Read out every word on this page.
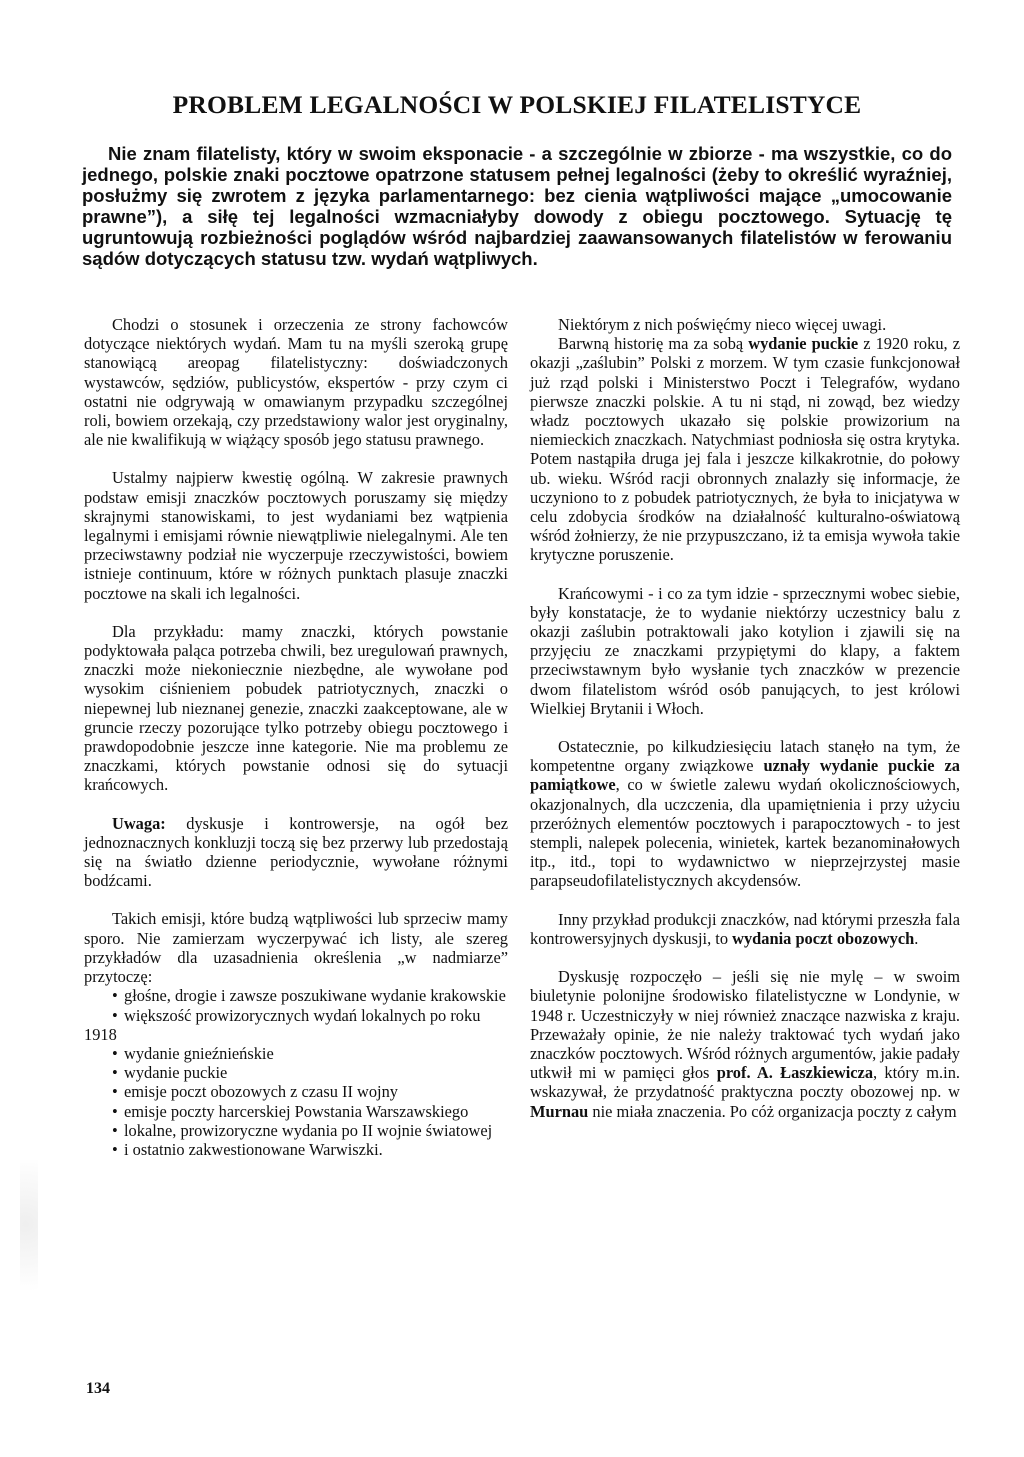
PROBLEM LEGALNOŚCI W POLSKIEJ FILATELISTYCE

Nie znam filatelisty, który w swoim eksponacie - a szczególnie w zbiorze - ma wszystkie, co do jednego, polskie znaki pocztowe opatrzone statusem pełnej legalności (żeby to określić wyraźniej, posłużmy się zwrotem z języka parlamentarnego: bez cienia wątpliwości mające „umocowanie prawne”), a siłę tej legalności wzmacniałyby dowody z obiegu pocztowego. Sytuację tę ugruntowują rozbieżności poglądów wśród najbardziej zaawansowanych filatelistów w ferowaniu sądów dotyczących statusu tzw. wydań wątpliwych.

Chodzi o stosunek i orzeczenia ze strony fachowców dotyczące niektórych wydań. Mam tu na myśli szeroką grupę stanowiącą areopag filatelistyczny: doświadczonych wystawców, sędziów, publicystów, ekspertów - przy czym ci ostatni nie odgrywają w omawianym przypadku szczególnej roli, bowiem orzekają, czy przedstawiony walor jest oryginalny, ale nie kwalifikują w wiążący sposób jego statusu prawnego.

Ustalmy najpierw kwestię ogólną. W zakresie prawnych podstaw emisji znaczków pocztowych poruszamy się między skrajnymi stanowiskami, to jest wydaniami bez wątpienia legalnymi i emisjami równie niewątpliwie nielegalnymi. Ale ten przeciwstawny podział nie wyczerpuje rzeczywistości, bowiem istnieje continuum, które w różnych punktach plasuje znaczki pocztowe na skali ich legalności.

Dla przykładu: mamy znaczki, których powstanie podyktowała paląca potrzeba chwili, bez uregulowań prawnych, znaczki może niekoniecznie niezbędne, ale wywołane pod wysokim ciśnieniem pobudek patriotycznych, znaczki o niepewnej lub nieznanej genezie, znaczki zaakceptowane, ale w gruncie rzeczy pozorujące tylko potrzeby obiegu pocztowego i prawdopodobnie jeszcze inne kategorie. Nie ma problemu ze znaczkami, których powstanie odnosi się do sytuacji krańcowych.

Uwaga: dyskusje i kontrowersje, na ogół bez jednoznacznych konkluzji toczą się bez przerwy lub przedostają się na światło dzienne periodycznie, wywołane różnymi bodźcami.

Takich emisji, które budzą wątpliwości lub sprzeciw mamy sporo. Nie zamierzam wyczerpywać ich listy, ale szereg przykładów dla uzasadnienia określenia „w nadmiarze” przytoczę:

• głośne, drogie i zawsze poszukiwane wydanie krakowskie
• większość prowizorycznych wydań lokalnych po roku 1918
• wydanie gnieźnieńskie
• wydanie puckie
• emisje poczt obozowych z czasu II wojny
• emisje poczty harcerskiej Powstania Warszawskiego
• lokalne, prowizoryczne wydania po II wojnie światowej
• i ostatnio zakwestionowane Warwiszki.

Niektórym z nich poświęćmy nieco więcej uwagi.

Barwną historię ma za sobą wydanie puckie z 1920 roku, z okazji „zaślubin” Polski z morzem. W tym czasie funkcjonował już rząd polski i Ministerstwo Poczt i Telegrafów, wydano pierwsze znaczki polskie. A tu ni stąd, ni zowąd, bez wiedzy władz pocztowych ukazało się polskie prowizorium na niemieckich znaczkach. Natychmiast podniosła się ostra krytyka. Potem nastąpiła druga jej fala i jeszcze kilkakrotnie, do połowy ub. wieku. Wśród racji obronnych znalazły się informacje, że uczyniono to z pobudek patriotycznych, że była to inicjatywa w celu zdobycia środków na działalność kulturalno-oświatową wśród żołnierzy, że nie przypuszczano, iż ta emisja wywoła takie krytyczne poruszenie.

Krańcowymi - i co za tym idzie - sprzecznymi wobec siebie, były konstatacje, że to wydanie niektórzy uczestnicy balu z okazji zaślubin potraktowali jako kotylion i zjawili się na przyjęciu ze znaczkami przypiętymi do klapy, a faktem przeciwstawnym było wysłanie tych znaczków w prezencie dwom filatelistom wśród osób panujących, to jest królowi Wielkiej Brytanii i Włoch.

Ostatecznie, po kilkudziesięciu latach stanęło na tym, że kompetentne organy związkowe uznały wydanie puckie za pamiątkowe, co w świetle zalewu wydań okolicznościowych, okazjonalnych, dla uczczenia, dla upamiętnienia i przy użyciu przeróżnych elementów pocztowych i parapocztowych - to jest stempli, nalepek polecenia, winietek, kartek bezanominałowych itp., itd., topi to wydawnictwo w nieprzejrzystej masie parapseudofilatelistycznych akcydensów.

Inny przykład produkcji znaczków, nad którymi przeszła fala kontrowersyjnych dyskusji, to wydania poczt obozowych.

Dyskusję rozpoczęło – jeśli się nie mylę – w swoim biuletynie polonijne środowisko filatelistyczne w Londynie, w 1948 r. Uczestniczyły w niej również znaczące nazwiska z kraju. Przeważały opinie, że nie należy traktować tych wydań jako znaczków pocztowych. Wśród różnych argumentów, jakie padały utkwił mi w pamięci głos prof. A. Łaszkiewicza, który m.in. wskazywał, że przydatność praktyczna poczty obozowej np. w Murnau nie miała znaczenia. Po cóż organizacja poczty z całym

134
